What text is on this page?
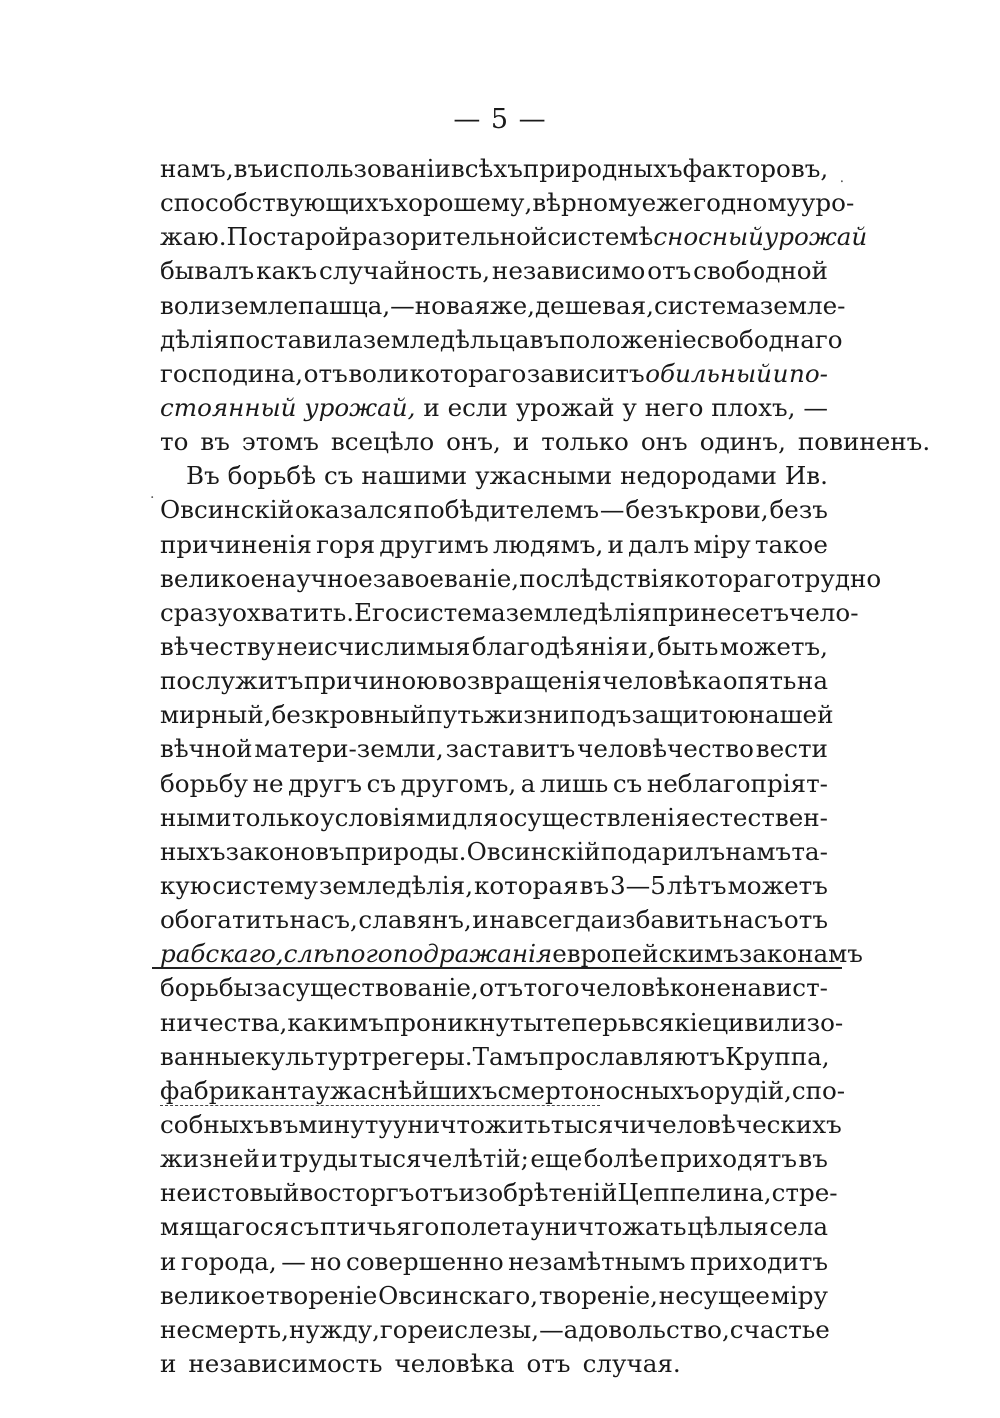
— 5 —
⸳
·
намъ, въ использованіи всѣхъ природныхъ факторовъ,
способствующихъ хорошему, вѣрному ежегодному уро-
жаю. По старой разорительной системѣ сносный урожай
бывалъ какъ случайность, независимо отъ свободной
воли землепашца,— новая же, дешевая, система земле-
дѣлія поставила земледѣльца въ положеніе свободнаго
господина, отъ воли котораго зависитъ обильный и по-
стоянный урожай, и если урожай у него плохъ, —
то въ этомъ всецѣло онъ, и только онъ одинъ, повиненъ.
Въ борьбѣ съ нашими ужасными недородами Ив.
Овсинскій оказался побѣдителемъ — безъ крови, безъ
причиненія горя другимъ людямъ, и далъ міру такое
великое научное завоеваніе, послѣдствія котораго трудно
сразу охватить. Его система земледѣлія принесетъ чело-
вѣчеству неисчислимыя благодѣянія и, быть можетъ,
послужитъ причиною возвращенія человѣка опять на
мирный, безкровный путь жизни подъ защитою нашей
вѣчной матери-земли, заставитъ человѣчество вести
борьбу не другъ съ другомъ, а лишь съ неблагопріят-
ными только условіями для осуществленія естествен-
ныхъ законовъ природы. Овсинскій подарилъ намъ та-
кую систему земледѣлія, которая въ 3—5 лѣтъ можетъ
обогатить насъ, славянъ, и навсегда избавить насъ отъ
рабскаго, слѣпого подражанія европейскимъ законамъ
борьбы за существованіе, отъ того человѣконенавист-
ничества, какимъ проникнуты теперь всякіе цивилизо-
ванные культуртрегеры. Тамъ прославляютъ Круппа,
фабриканта ужаснѣйшихъ смертоносныхъ орудій, спо-
собныхъ въ минуту уничтожить тысячи человѣческихъ
жизней и труды тысячелѣтій; еще болѣе приходятъ въ
неистовый восторгъ отъ изобрѣтеній Цеппелина, стре-
мящагося съ птичьяго полета уничтожать цѣлыя села
и города, — но совершенно незамѣтнымъ приходитъ
великое твореніе Овсинскаго, твореніе, несущее міру
не смерть, нужду, горе и слезы, — а довольство, счастье
и независимость человѣка отъ случая.
